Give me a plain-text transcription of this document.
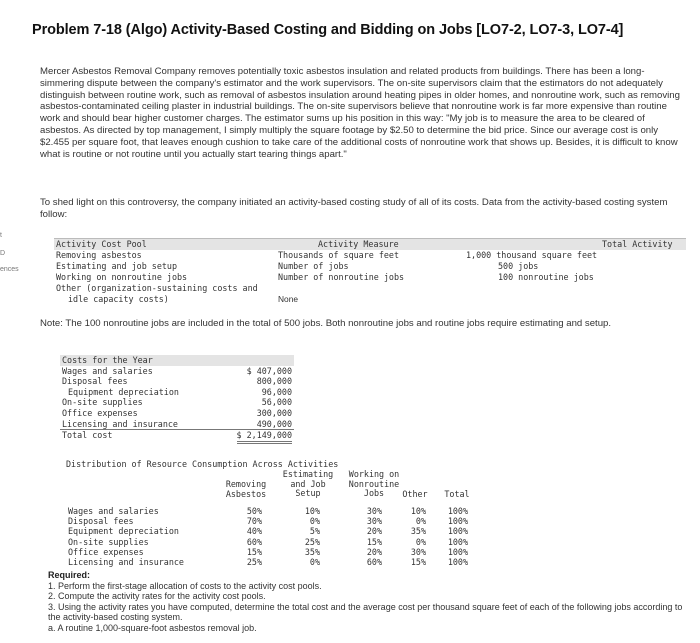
t
D
ences
Problem 7-18 (Algo) Activity-Based Costing and Bidding on Jobs [LO7-2, LO7-3, LO7-4]
Mercer Asbestos Removal Company removes potentially toxic asbestos insulation and related products from buildings. There has been a long-simmering dispute between the company's estimator and the work supervisors. The on-site supervisors claim that the estimators do not adequately distinguish between routine work, such as removal of asbestos insulation around heating pipes in older homes, and nonroutine work, such as removing asbestos-contaminated ceiling plaster in industrial buildings. The on-site supervisors believe that nonroutine work is far more expensive than routine work and should bear higher customer charges. The estimator sums up his position in this way: "My job is to measure the area to be cleared of asbestos. As directed by top management, I simply multiply the square footage by $2.50 to determine the bid price. Since our average cost is only $2.455 per square foot, that leaves enough cushion to take care of the additional costs of nonroutine work that shows up. Besides, it is difficult to know what is routine or not routine until you actually start tearing things apart."
To shed light on this controversy, the company initiated an activity-based costing study of all of its costs. Data from the activity-based costing system follow:
Activity Cost Pool	Activity Measure	Total Activity
Removing asbestos	Thousands of square feet	1,000 thousand square feet
Estimating and job setup	Number of jobs	500 jobs
Working on nonroutine jobs	Number of nonroutine jobs	100 nonroutine jobs
Other (organization-sustaining costs and
idle capacity costs)	None
Note: The 100 nonroutine jobs are included in the total of 500 jobs. Both nonroutine jobs and routine jobs require estimating and setup.
Costs for the Year
Wages and salaries	$ 407,000
Disposal fees	800,000
Equipment depreciation	96,000
On-site supplies	56,000
Office expenses	300,000
Licensing and insurance	490,000
Total cost	$ 2,149,000
Distribution of Resource Consumption Across Activities
Removing
Asbestos
Estimating
and Job
Setup
Working on
Nonroutine
Jobs	Other	Total
Wages and salaries	50%	10%	30%	10%	100%
Disposal fees	70%	0%	30%	0%	100%
Equipment depreciation	40%	5%	20%	35%	100%
On-site supplies	60%	25%	15%	0%	100%
Office expenses	15%	35%	20%	30%	100%
Licensing and insurance	25%	0%	60%	15%	100%
Required:
1. Perform the first-stage allocation of costs to the activity cost pools.
2. Compute the activity rates for the activity cost pools.
3. Using the activity rates you have computed, determine the total cost and the average cost per thousand square feet of each of the following jobs according to the activity-based costing system.
a. A routine 1,000-square-foot asbestos removal job.
